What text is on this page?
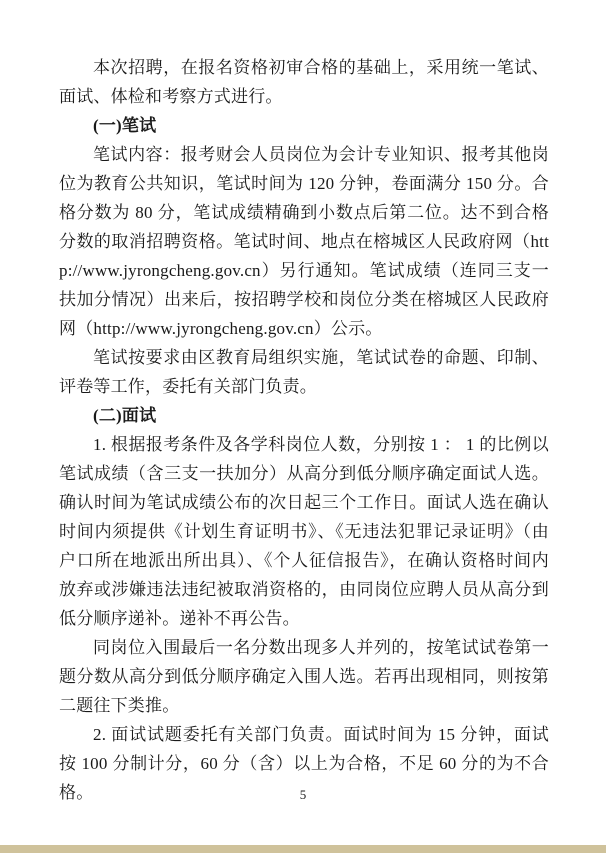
本次招聘，在报名资格初审合格的基础上，采用统一笔试、面试、体检和考察方式进行。

(一)笔试

笔试内容：报考财会人员岗位为会计专业知识、报考其他岗位为教育公共知识，笔试时间为 120 分钟，卷面满分 150 分。合格分数为 80 分，笔试成绩精确到小数点后第二位。达不到合格分数的取消招聘资格。笔试时间、地点在榕城区人民政府网（http://www.jyrongcheng.gov.cn）另行通知。笔试成绩（连同三支一扶加分情况）出来后，按招聘学校和岗位分类在榕城区人民政府网（http://www.jyrongcheng.gov.cn）公示。

笔试按要求由区教育局组织实施，笔试试卷的命题、印制、评卷等工作，委托有关部门负责。

(二)面试

1. 根据报考条件及各学科岗位人数，分别按 1 ： 1 的比例以笔试成绩（含三支一扶加分）从高分到低分顺序确定面试人选。确认时间为笔试成绩公布的次日起三个工作日。面试人选在确认时间内须提供《计划生育证明书》、《无违法犯罪记录证明》（由户口所在地派出所出具）、《个人征信报告》，在确认资格时间内放弃或涉嫌违法违纪被取消资格的，由同岗位应聘人员从高分到低分顺序递补。递补不再公告。

同岗位入围最后一名分数出现多人并列的，按笔试试卷第一题分数从高分到低分顺序确定入围人选。若再出现相同，则按第二题往下类推。

2. 面试试题委托有关部门负责。面试时间为 15 分钟，面试按 100 分制计分，60 分（含）以上为合格，不足 60 分的为不合格。	5
